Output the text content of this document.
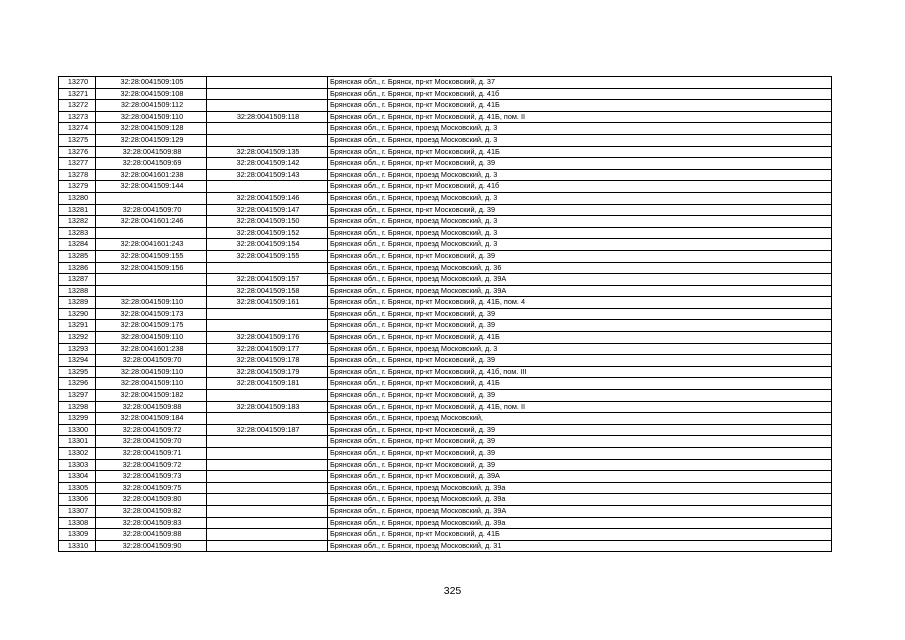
13270	32:28:0041509:105		Брянская обл., г. Брянск, пр-кт Московский, д. 37
13271	32:28:0041509:108		Брянская обл., г. Брянск, пр-кт Московский, д. 41б
13272	32:28:0041509:112		Брянская обл., г. Брянск, пр-кт Московский, д. 41Б
13273	32:28:0041509:110	32:28:0041509:118	Брянская обл., г. Брянск, пр-кт Московский, д. 41Б, пом. II
13274	32:28:0041509:128		Брянская обл., г. Брянск, проезд Московский, д. 3
13275	32:28:0041509:129		Брянская обл., г. Брянск, проезд Московский, д. 3
13276	32:28:0041509:88	32:28:0041509:135	Брянская обл., г. Брянск, пр-кт Московский, д. 41Б
13277	32:28:0041509:69	32:28:0041509:142	Брянская обл., г. Брянск, пр-кт Московский, д. 39
13278	32:28:0041601:238	32:28:0041509:143	Брянская обл., г. Брянск, проезд Московский, д. 3
13279	32:28:0041509:144		Брянская обл., г. Брянск, пр-кт Московский, д. 41б
13280		32:28:0041509:146	Брянская обл., г. Брянск, проезд Московский, д. 3
13281	32:28:0041509:70	32:28:0041509:147	Брянская обл., г. Брянск, пр-кт Московский, д. 39
13282	32:28:0041601:246	32:28:0041509:150	Брянская обл., г. Брянск, проезд Московский, д. 3
13283		32:28:0041509:152	Брянская обл., г. Брянск, проезд Московский, д. 3
13284	32:28:0041601:243	32:28:0041509:154	Брянская обл., г. Брянск, проезд Московский, д. 3
13285	32:28:0041509:155	32:28:0041509:155	Брянская обл., г. Брянск, пр-кт Московский, д. 39
13286	32:28:0041509:156		Брянская обл., г. Брянск, проезд Московский, д. 36
13287		32:28:0041509:157	Брянская обл., г. Брянск, проезд Московский, д. 39А
13288		32:28:0041509:158	Брянская обл., г. Брянск, проезд Московский, д. 39А
13289	32:28:0041509:110	32:28:0041509:161	Брянская обл., г. Брянск, пр-кт Московский, д. 41Б, пом. 4
13290	32:28:0041509:173		Брянская обл., г. Брянск, пр-кт Московский, д. 39
13291	32:28:0041509:175		Брянская обл., г. Брянск, пр-кт Московский, д. 39
13292	32:28:0041509:110	32:28:0041509:176	Брянская обл., г. Брянск, пр-кт Московский, д. 41Б
13293	32:28:0041601:238	32:28:0041509:177	Брянская обл., г. Брянск, проезд Московский, д. 3
13294	32:28:0041509:70	32:28:0041509:178	Брянская обл., г. Брянск, пр-кт Московский, д. 39
13295	32:28:0041509:110	32:28:0041509:179	Брянская обл., г. Брянск, пр-кт Московский, д. 41б, пом. III
13296	32:28:0041509:110	32:28:0041509:181	Брянская обл., г. Брянск, пр-кт Московский, д. 41Б
13297	32:28:0041509:182		Брянская обл., г. Брянск, пр-кт Московский, д. 39
13298	32:28:0041509:88	32:28:0041509:183	Брянская обл., г. Брянск, пр-кт Московский, д. 41Б, пом. II
13299	32:28:0041509:184		Брянская обл., г. Брянск, проезд Московский,
13300	32:28:0041509:72	32:28:0041509:187	Брянская обл., г. Брянск, пр-кт Московский, д. 39
13301	32:28:0041509:70		Брянская обл., г. Брянск, пр-кт Московский, д. 39
13302	32:28:0041509:71		Брянская обл., г. Брянск, пр-кт Московский, д. 39
13303	32:28:0041509:72		Брянская обл., г. Брянск, пр-кт Московский, д. 39
13304	32:28:0041509:73		Брянская обл., г. Брянск, пр-кт Московский, д. 39А
13305	32:28:0041509:75		Брянская обл., г. Брянск, проезд Московский, д. 39а
13306	32:28:0041509:80		Брянская обл., г. Брянск, проезд Московский, д. 39а
13307	32:28:0041509:82		Брянская обл., г. Брянск, проезд Московский, д. 39А
13308	32:28:0041509:83		Брянская обл., г. Брянск, проезд Московский, д. 39а
13309	32:28:0041509:88		Брянская обл., г. Брянск, пр-кт Московский, д. 41Б
13310	32:28:0041509:90		Брянская обл., г. Брянск, проезд Московский, д. 31
325
